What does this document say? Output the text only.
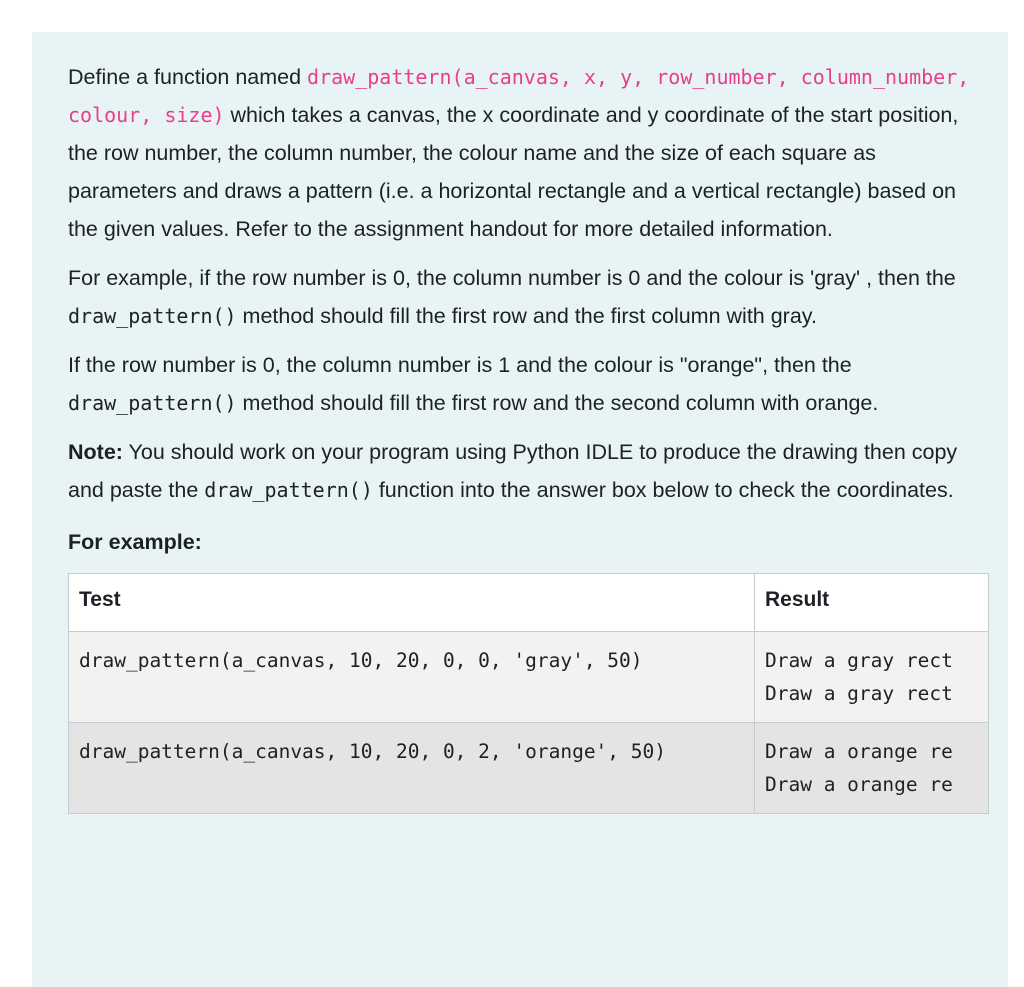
Define a function named draw_pattern(a_canvas, x, y, row_number, column_number, colour, size) which takes a canvas, the x coordinate and y coordinate of the start position, the row number, the column number, the colour name and the size of each square as parameters and draws a pattern (i.e. a horizontal rectangle and a vertical rectangle) based on the given values. Refer to the assignment handout for more detailed information.

For example, if the row number is 0, the column number is 0 and the colour is 'gray' , then the draw_pattern() method should fill the first row and the first column with gray.

If the row number is 0, the column number is 1 and the colour is "orange", then the draw_pattern() method should fill the first row and the second column with orange.

Note: You should work on your program using Python IDLE to produce the drawing then copy and paste the draw_pattern() function into the answer box below to check the coordinates.

For example:
Test	Result
draw_pattern(a_canvas, 10, 20, 0, 0, 'gray', 50)	Draw a gray rect
Draw a gray rect

draw_pattern(a_canvas, 10, 20, 0, 2, 'orange', 50)	Draw a orange re
Draw a orange re
